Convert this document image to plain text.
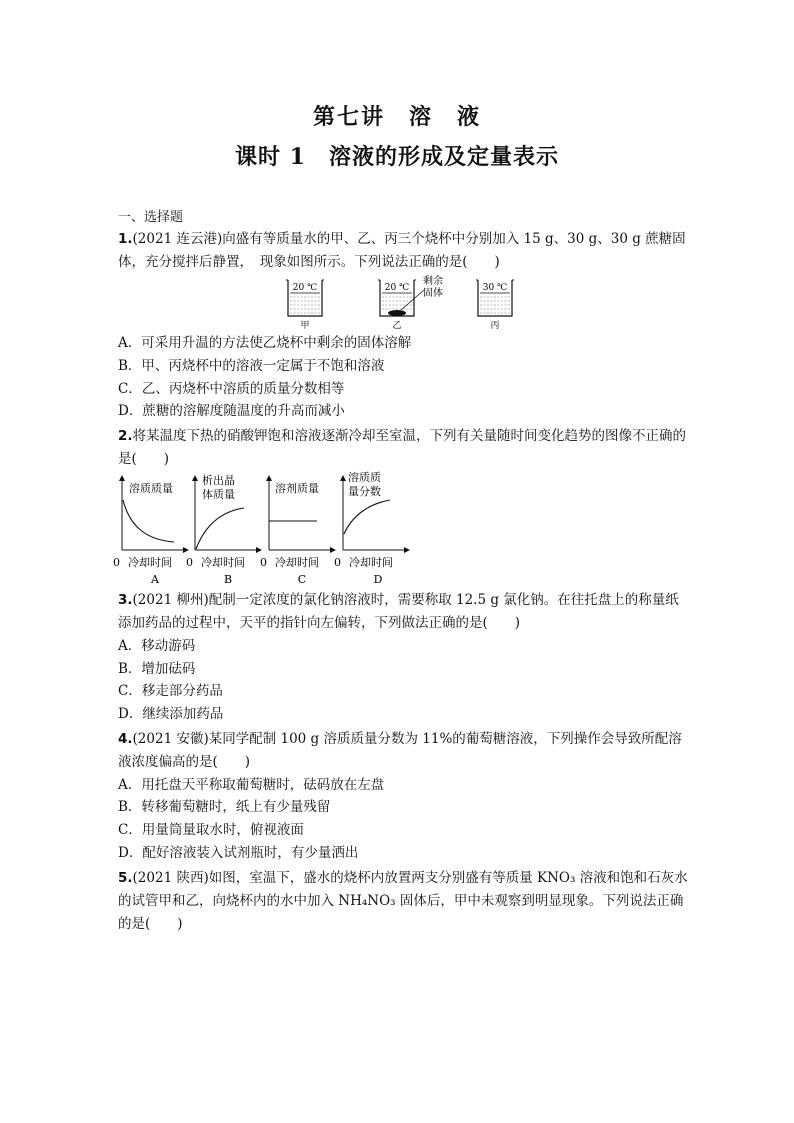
第七讲　溶　液
课时 1　溶液的形成及定量表示
一、选择题
1.(2021 连云港)向盛有等质量水的甲、乙、丙三个烧杯中分别加入 15 g、30 g、30 g 蔗糖固体，充分搅拌后静置，　现象如图所示。下列说法正确的是(　　)
20 ℃
甲
20 ℃
乙
剩余
固体	30 ℃
丙
A．可采用升温的方法使乙烧杯中剩余的固体溶解
B．甲、丙烧杯中的溶液一定属于不饱和溶液
C．乙、丙烧杯中溶质的质量分数相等
D．蔗糖的溶解度随温度的升高而减小
2.将某温度下热的硝酸钾饱和溶液逐渐冷却至室温，下列有关量随时间变化趋势的图像不正确的是(　　)
溶质质量
0 冷却时间
A
析出晶
体质量
0 冷却时间
B
溶剂质量
0 冷却时间
C
溶质质
量分数
0 冷却时间
D
3.(2021 柳州)配制一定浓度的氯化钠溶液时，需要称取 12.5 g 氯化钠。在往托盘上的称量纸添加药品的过程中，天平的指针向左偏转，下列做法正确的是(　　)
A．移动游码
B．增加砝码
C．移走部分药品
D．继续添加药品
4.(2021 安徽)某同学配制 100 g 溶质质量分数为 11%的葡萄糖溶液，下列操作会导致所配溶液浓度偏高的是(　　)
A．用托盘天平称取葡萄糖时，砝码放在左盘
B．转移葡萄糖时，纸上有少量残留
C．用量筒量取水时，俯视液面
D．配好溶液装入试剂瓶时，有少量洒出
5.(2021 陕西)如图，室温下，盛水的烧杯内放置两支分别盛有等质量 KNO₃ 溶液和饱和石灰水的试管甲和乙，向烧杯内的水中加入 NH₄NO₃ 固体后，甲中未观察到明显现象。下列说法正确的是(　　)
